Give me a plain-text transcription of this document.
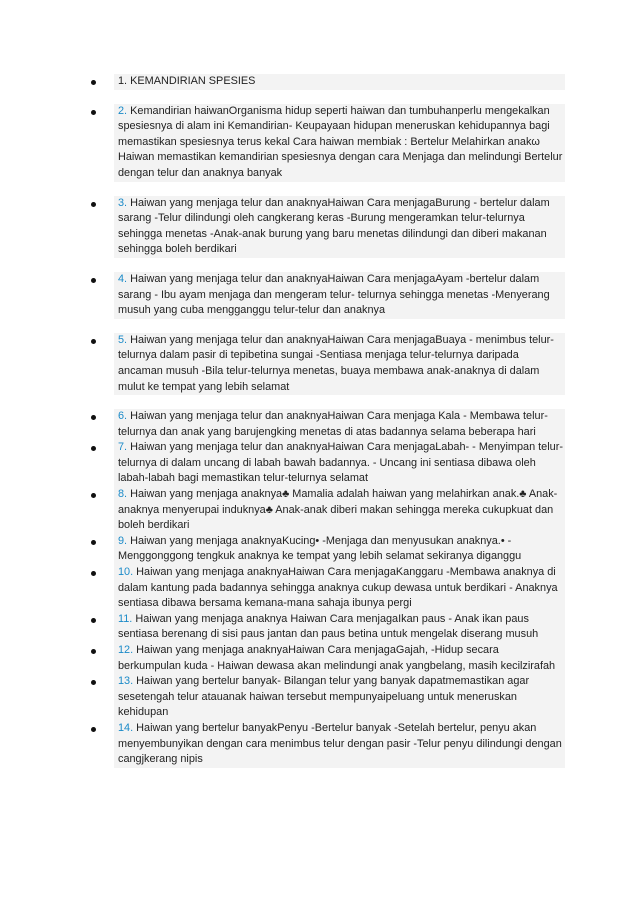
1. KEMANDIRIAN SPESIES
2. Kemandirian haiwanOrganisma hidup seperti haiwan dan tumbuhanperlu mengekalkan spesiesnya di alam ini Kemandirian- Keupayaan hidupan meneruskan kehidupannya bagi memastikan spesiesnya terus kekal Cara haiwan membiak : Bertelur Melahirkan anakω Haiwan memastikan kemandirian spesiesnya dengan cara Menjaga dan melindungi Bertelur dengan telur dan anaknya banyak
3. Haiwan yang menjaga telur dan anaknyaHaiwan Cara menjagaBurung - bertelur dalam sarang -Telur dilindungi oleh cangkerang keras -Burung mengeramkan telur-telurnya sehingga menetas -Anak-anak burung yang baru menetas dilindungi dan diberi makanan sehingga boleh berdikari
4. Haiwan yang menjaga telur dan anaknyaHaiwan Cara menjagaAyam -bertelur dalam sarang - Ibu ayam menjaga dan mengeram telur- telurnya sehingga menetas -Menyerang musuh yang cuba mengganggu telur-telur dan anaknya
5. Haiwan yang menjaga telur dan anaknyaHaiwan Cara menjagaBuaya - menimbus telur-telurnya dalam pasir di tepibetina sungai -Sentiasa menjaga telur-telurnya daripada ancaman musuh -Bila telur-telurnya menetas, buaya membawa anak-anaknya di dalam mulut ke tempat yang lebih selamat
6. Haiwan yang menjaga telur dan anaknyaHaiwan Cara menjaga Kala - Membawa telur-telurnya dan anak yang barujengking menetas di atas badannya selama beberapa hari
7. Haiwan yang menjaga telur dan anaknyaHaiwan Cara menjagaLabah- - Menyimpan telur-telurnya di dalam uncang di labah bawah badannya. - Uncang ini sentiasa dibawa oleh labah-labah bagi memastikan telur-telurnya selamat
8. Haiwan yang menjaga anaknya♣ Mamalia adalah haiwan yang melahirkan anak.♣ Anak-anaknya menyerupai induknya♣ Anak-anak diberi makan sehingga mereka cukupkuat dan boleh berdikari
9. Haiwan yang menjaga anaknyaKucing• -Menjaga dan menyusukan anaknya.• - Menggonggong tengkuk anaknya ke tempat yang lebih selamat sekiranya diganggu
10. Haiwan yang menjaga anaknyaHaiwan Cara menjagaKanggaru -Membawa anaknya di dalam kantung pada badannya sehingga anaknya cukup dewasa untuk berdikari - Anaknya sentiasa dibawa bersama kemana-mana sahaja ibunya pergi
11. Haiwan yang menjaga anaknya Haiwan Cara menjagaIkan paus - Anak ikan paus sentiasa berenang di sisi paus jantan dan paus betina untuk mengelak diserang musuh
12. Haiwan yang menjaga anaknyaHaiwan Cara menjagaGajah, -Hidup secara berkumpulan kuda - Haiwan dewasa akan melindungi anak yangbelang, masih kecilzirafah
13. Haiwan yang bertelur banyak- Bilangan telur yang banyak dapatmemastikan agar sesetengah telur atauanak haiwan tersebut mempunyaipeluang untuk meneruskan kehidupan
14. Haiwan yang bertelur banyakPenyu -Bertelur banyak -Setelah bertelur, penyu akan menyembunyikan dengan cara menimbus telur dengan pasir -Telur penyu dilindungi dengan cangjkerang nipis
